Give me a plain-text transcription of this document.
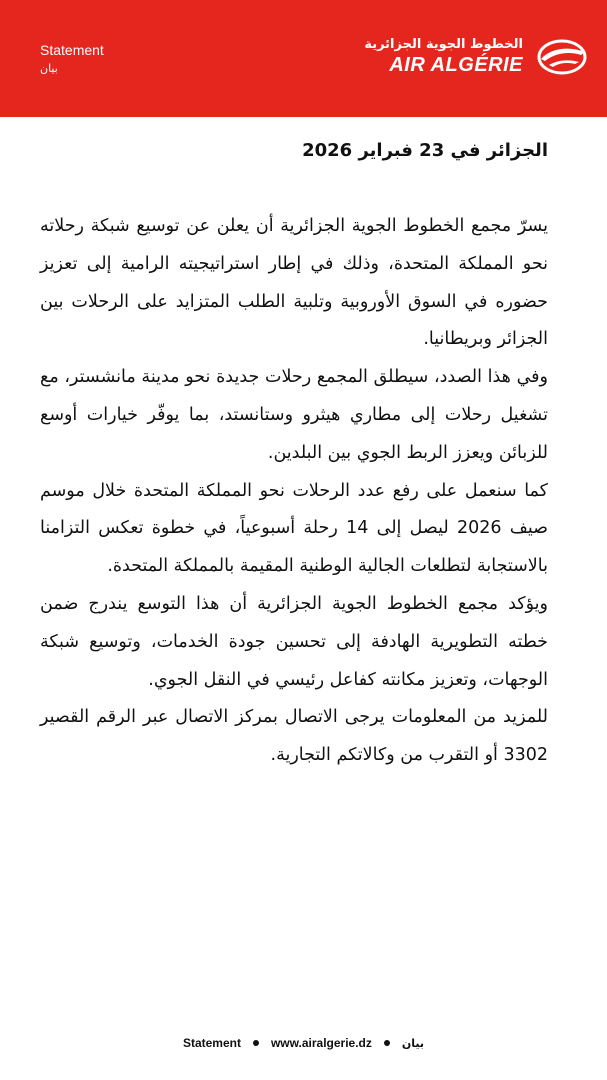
Statement
بيان
الخطوط الجوية الجزائرية
AIR ALGÉRIE
الجزائر في 23 فبراير 2026

يسرّ مجمع الخطوط الجوية الجزائرية أن يعلن عن توسيع شبكة رحلاته نحو المملكة المتحدة، وذلك في إطار استراتيجيته الرامية إلى تعزيز حضوره في السوق الأوروبية وتلبية الطلب المتزايد على الرحلات بين الجزائر وبريطانيا.

وفي هذا الصدد، سيطلق المجمع رحلات جديدة نحو مدينة مانشستر، مع تشغيل رحلات إلى مطاري هيثرو وستانستد، بما يوفّر خيارات أوسع للزبائن ويعزز الربط الجوي بين البلدين.

كما سنعمل على رفع عدد الرحلات نحو المملكة المتحدة خلال موسم صيف 2026 ليصل إلى 14 رحلة أسبوعياً، في خطوة تعكس التزامنا بالاستجابة لتطلعات الجالية الوطنية المقيمة بالمملكة المتحدة.

ويؤكد مجمع الخطوط الجوية الجزائرية أن هذا التوسع يندرج ضمن خطته التطويرية الهادفة إلى تحسين جودة الخدمات، وتوسيع شبكة الوجهات، وتعزيز مكانته كفاعل رئيسي في النقل الجوي.

للمزيد من المعلومات يرجى الاتصال بمركز الاتصال عبر الرقم القصير 3302 أو التقرب من وكالاتكم التجارية.

Statement	www.airalgerie.dz	بيان
